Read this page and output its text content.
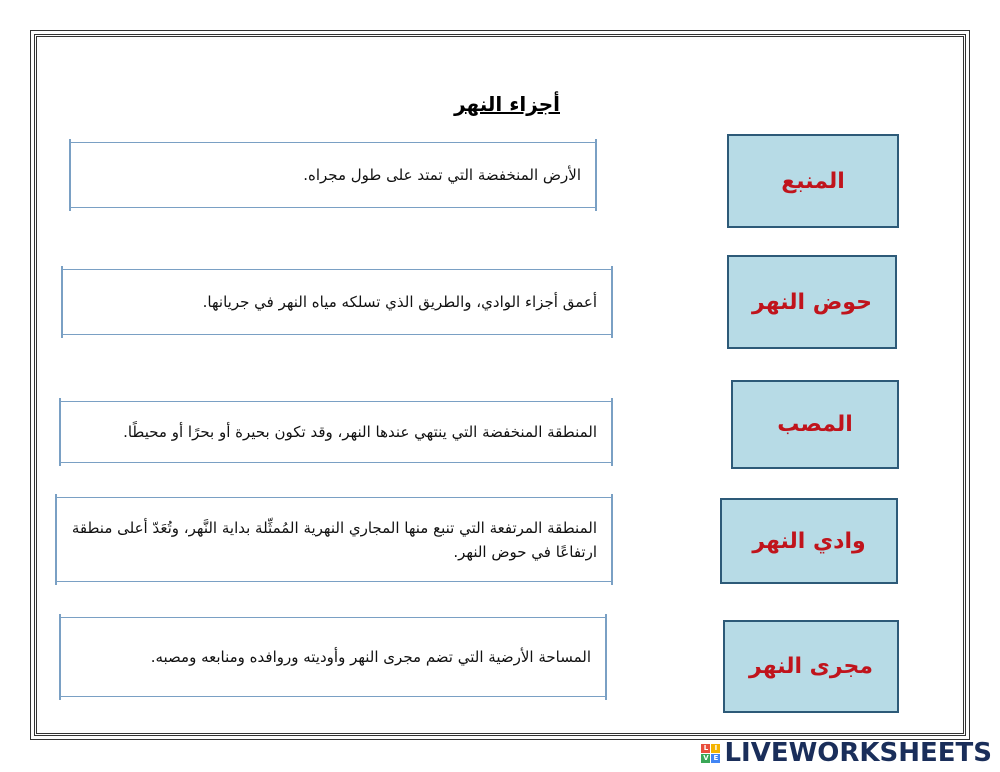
أجزاء النهر
المنبع
حوض النهر
المصب
وادي النهر
مجرى النهر
الأرض المنخفضة التي تمتد على طول مجراه.
أعمق أجزاء الوادي، والطريق الذي تسلكه مياه النهر في جريانها.
المنطقة المنخفضة التي ينتهي عندها النهر، وقد تكون بحيرة أو بحرًا أو محيطًا.
المنطقة المرتفعة التي تنبع منها المجاري النهرية المُمثِّلة بداية النَّهر، وتُعَدّ أعلى منطقة ارتفاعًا في حوض النهر.
المساحة الأرضية التي تضم مجرى النهر وأوديته وروافده ومنابعه ومصبه.
L I
V E LIVEWORKSHEETS
